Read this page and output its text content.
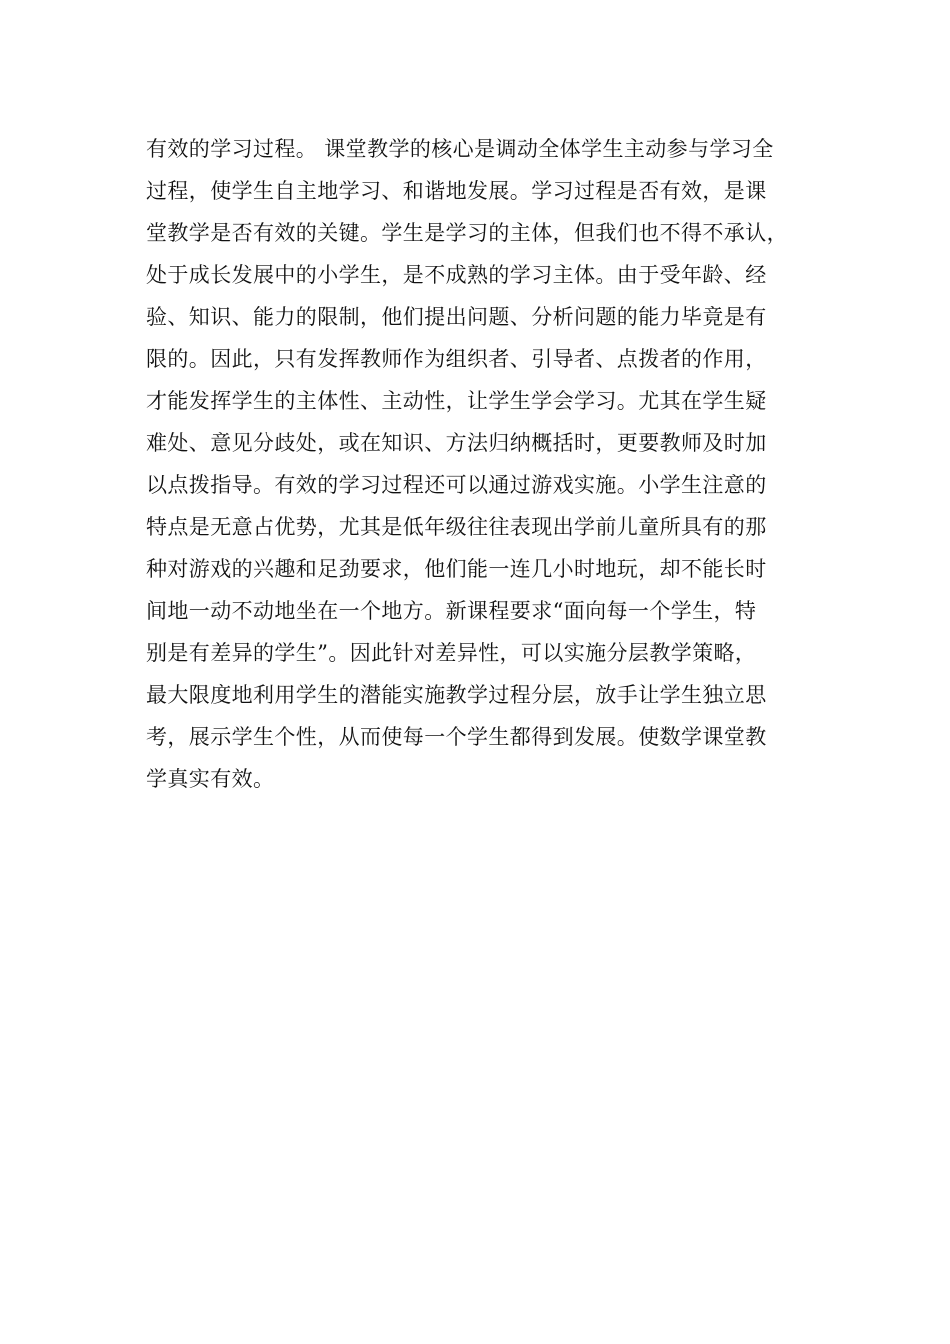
有效的学习过程。 课堂教学的核心是调动全体学生主动参与学习全
过程，使学生自主地学习、和谐地发展。学习过程是否有效，是课
堂教学是否有效的关键。学生是学习的主体，但我们也不得不承认，
处于成长发展中的小学生，是不成熟的学习主体。由于受年龄、经
验、知识、能力的限制，他们提出问题、分析问题的能力毕竟是有
限的。因此，只有发挥教师作为组织者、引导者、点拨者的作用，
才能发挥学生的主体性、主动性，让学生学会学习。尤其在学生疑
难处、意见分歧处，或在知识、方法归纳概括时，更要教师及时加
以点拨指导。有效的学习过程还可以通过游戏实施。小学生注意的
特点是无意占优势，尤其是低年级往往表现出学前儿童所具有的那
种对游戏的兴趣和足劲要求，他们能一连几小时地玩，却不能长时
间地一动不动地坐在一个地方。新课程要求“面向每一个学生，特
别是有差异的学生”。因此针对差异性，可以实施分层教学策略，
最大限度地利用学生的潜能实施教学过程分层，放手让学生独立思
考，展示学生个性，从而使每一个学生都得到发展。使数学课堂教
学真实有效。
